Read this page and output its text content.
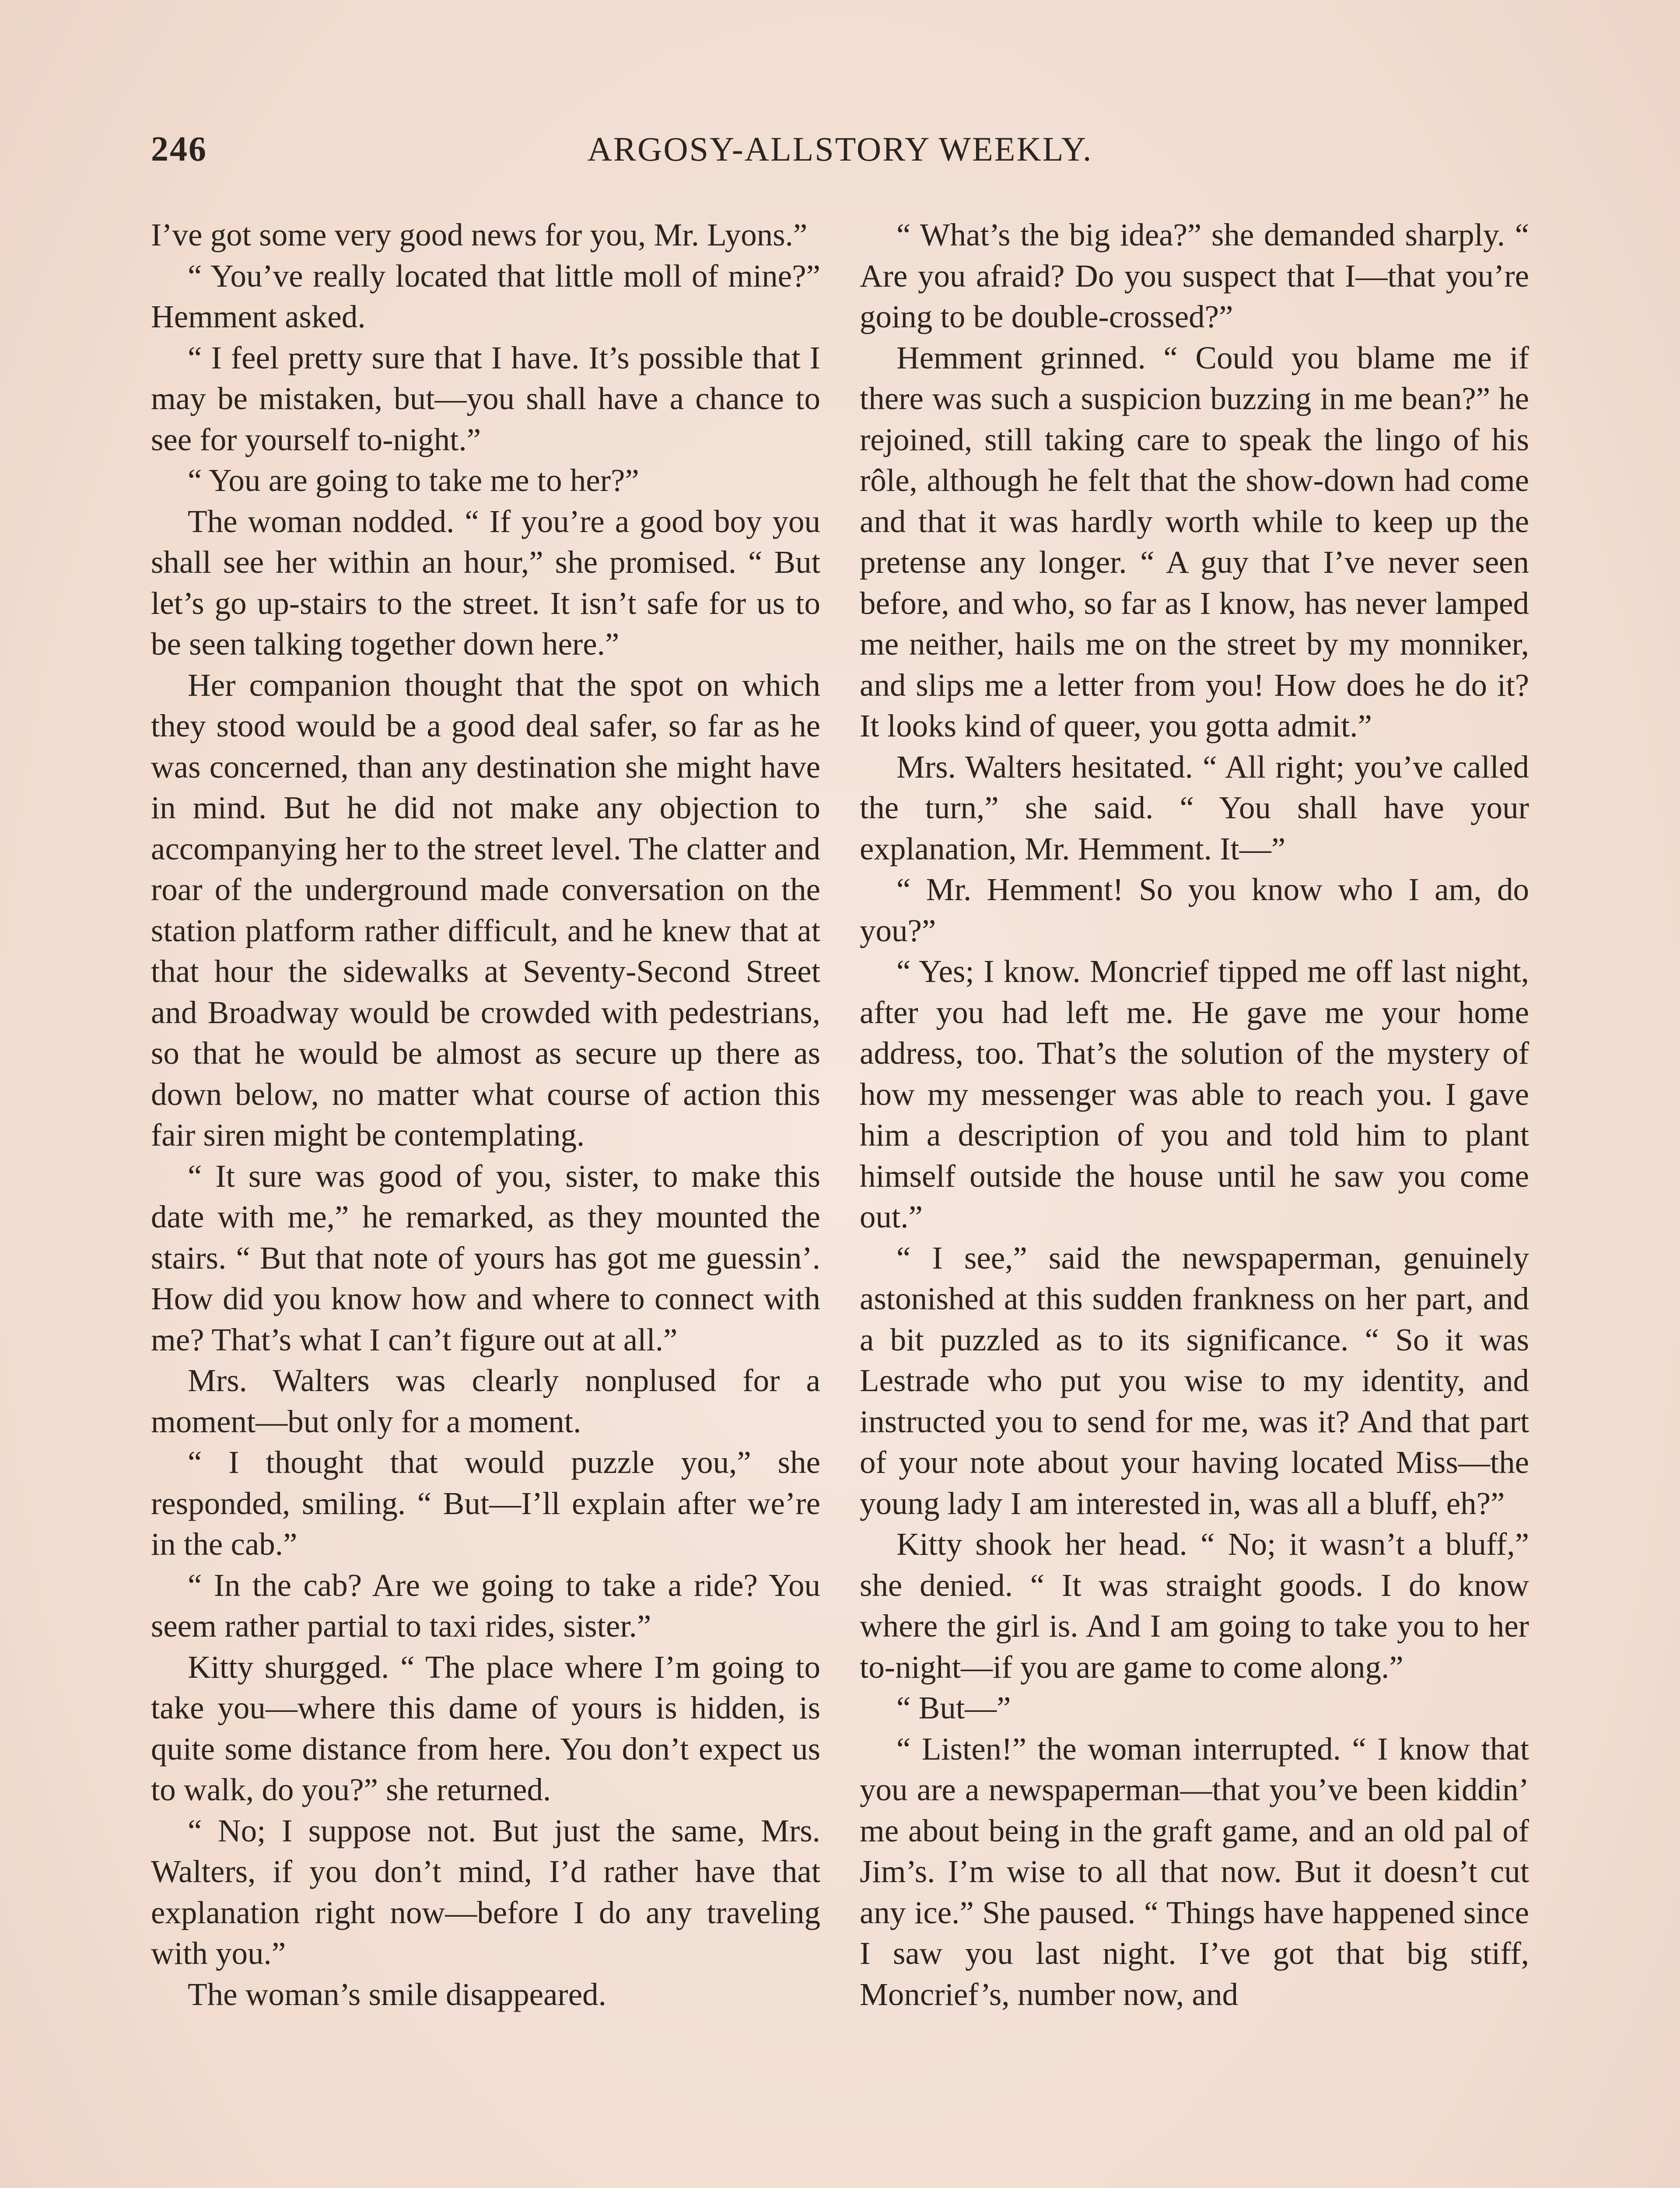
246	ARGOSY-ALLSTORY WEEKLY.

I’ve got some very good news for you, Mr. Lyons.”

“ You’ve really located that little moll of mine?” Hemment asked.

“ I feel pretty sure that I have. It’s possible that I may be mistaken, but—you shall have a chance to see for yourself to-night.”

“ You are going to take me to her?”

The woman nodded. “ If you’re a good boy you shall see her within an hour,” she promised. “ But let’s go up-stairs to the street. It isn’t safe for us to be seen talking together down here.”

Her companion thought that the spot on which they stood would be a good deal safer, so far as he was concerned, than any destination she might have in mind. But he did not make any objection to accompanying her to the street level. The clatter and roar of the underground made conversation on the station platform rather difficult, and he knew that at that hour the sidewalks at Seventy-Second Street and Broadway would be crowded with pedestrians, so that he would be almost as secure up there as down below, no matter what course of action this fair siren might be contemplating.

“ It sure was good of you, sister, to make this date with me,” he remarked, as they mounted the stairs. “ But that note of yours has got me guessin’. How did you know how and where to connect with me? That’s what I can’t figure out at all.”

Mrs. Walters was clearly nonplused for a moment—but only for a moment.

“ I thought that would puzzle you,” she responded, smiling. “ But—I’ll explain after we’re in the cab.”

“ In the cab? Are we going to take a ride? You seem rather partial to taxi rides, sister.”

Kitty shurgged. “ The place where I’m going to take you—where this dame of yours is hidden, is quite some distance from here. You don’t expect us to walk, do you?” she returned.

“ No; I suppose not. But just the same, Mrs. Walters, if you don’t mind, I’d rather have that explanation right now—before I do any traveling with you.”

The woman’s smile disappeared.

“ What’s the big idea?” she demanded sharply. “ Are you afraid? Do you suspect that I—that you’re going to be double-crossed?”

Hemment grinned. “ Could you blame me if there was such a suspicion buzzing in me bean?” he rejoined, still taking care to speak the lingo of his rôle, although he felt that the show-down had come and that it was hardly worth while to keep up the pretense any longer. “ A guy that I’ve never seen before, and who, so far as I know, has never lamped me neither, hails me on the street by my monniker, and slips me a letter from you! How does he do it? It looks kind of queer, you gotta admit.”

Mrs. Walters hesitated. “ All right; you’ve called the turn,” she said. “ You shall have your explanation, Mr. Hemment. It—”

“ Mr. Hemment! So you know who I am, do you?”

“ Yes; I know. Moncrief tipped me off last night, after you had left me. He gave me your home address, too. That’s the solution of the mystery of how my messenger was able to reach you. I gave him a description of you and told him to plant himself outside the house until he saw you come out.”

“ I see,” said the newspaperman, genuinely astonished at this sudden frankness on her part, and a bit puzzled as to its significance. “ So it was Lestrade who put you wise to my identity, and instructed you to send for me, was it? And that part of your note about your having located Miss—the young lady I am interested in, was all a bluff, eh?”

Kitty shook her head. “ No; it wasn’t a bluff,” she denied. “ It was straight goods. I do know where the girl is. And I am going to take you to her to-night—if you are game to come along.”

“ But—”

“ Listen!” the woman interrupted. “ I know that you are a newspaperman—that you’ve been kiddin’ me about being in the graft game, and an old pal of Jim’s. I’m wise to all that now. But it doesn’t cut any ice.” She paused. “ Things have happened since I saw you last night. I’ve got that big stiff, Moncrief’s, number now, and
